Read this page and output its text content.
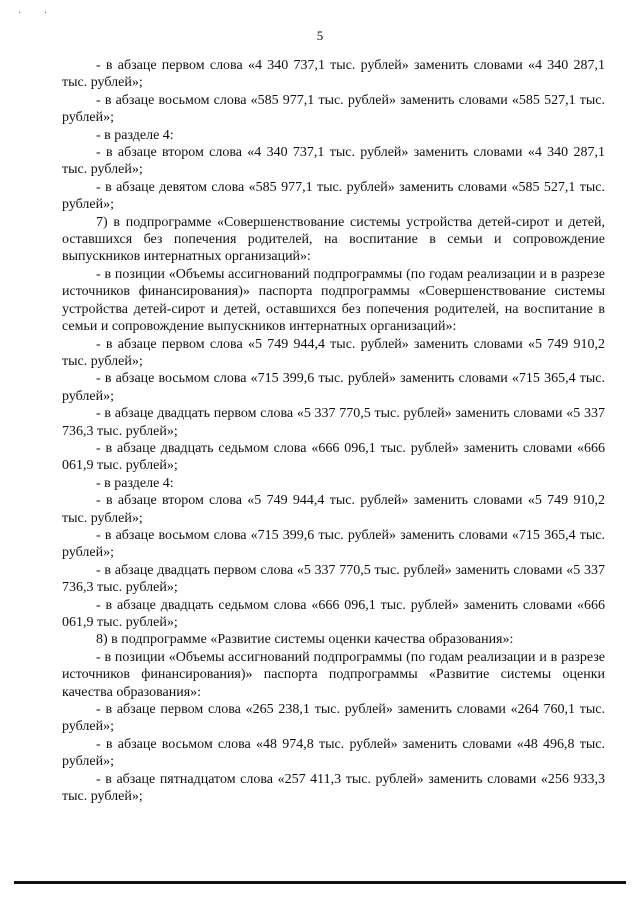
· ·
5

- в абзаце первом слова «4 340 737,1 тыс. рублей» заменить словами «4 340 287,1 тыс. рублей»;

- в абзаце восьмом слова «585 977,1 тыс. рублей» заменить словами «585 527,1 тыс. рублей»;

- в разделе 4:

- в абзаце втором слова «4 340 737,1 тыс. рублей» заменить словами «4 340 287,1 тыс. рублей»;

- в абзаце девятом слова «585 977,1 тыс. рублей» заменить словами «585 527,1 тыс. рублей»;

7) в подпрограмме «Совершенствование системы устройства детей-сирот и детей, оставшихся без попечения родителей, на воспитание в семьи и сопровождение выпускников интернатных организаций»:

- в позиции «Объемы ассигнований подпрограммы (по годам реализации и в разрезе источников финансирования)» паспорта подпрограммы «Совершенствование системы устройства детей-сирот и детей, оставшихся без попечения родителей, на воспитание в семьи и сопровождение выпускников интернатных организаций»:

- в абзаце первом слова «5 749 944,4 тыс. рублей» заменить словами «5 749 910,2 тыс. рублей»;

- в абзаце восьмом слова «715 399,6 тыс. рублей» заменить словами «715 365,4 тыс. рублей»;

- в абзаце двадцать первом слова «5 337 770,5 тыс. рублей» заменить словами «5 337 736,3 тыс. рублей»;

- в абзаце двадцать седьмом слова «666 096,1 тыс. рублей» заменить словами «666 061,9 тыс. рублей»;

- в разделе 4:

- в абзаце втором слова «5 749 944,4 тыс. рублей» заменить словами «5 749 910,2 тыс. рублей»;

- в абзаце восьмом слова «715 399,6 тыс. рублей» заменить словами «715 365,4 тыс. рублей»;

- в абзаце двадцать первом слова «5 337 770,5 тыс. рублей» заменить словами «5 337 736,3 тыс. рублей»;

- в абзаце двадцать седьмом слова «666 096,1 тыс. рублей» заменить словами «666 061,9 тыс. рублей»;

8) в подпрограмме «Развитие системы оценки качества образования»:

- в позиции «Объемы ассигнований подпрограммы (по годам реализации и в разрезе источников финансирования)» паспорта подпрограммы «Развитие системы оценки качества образования»:

- в абзаце первом слова «265 238,1 тыс. рублей» заменить словами «264 760,1 тыс. рублей»;

- в абзаце восьмом слова «48 974,8 тыс. рублей» заменить словами «48 496,8 тыс. рублей»;

- в абзаце пятнадцатом слова «257 411,3 тыс. рублей» заменить словами «256 933,3 тыс. рублей»;
